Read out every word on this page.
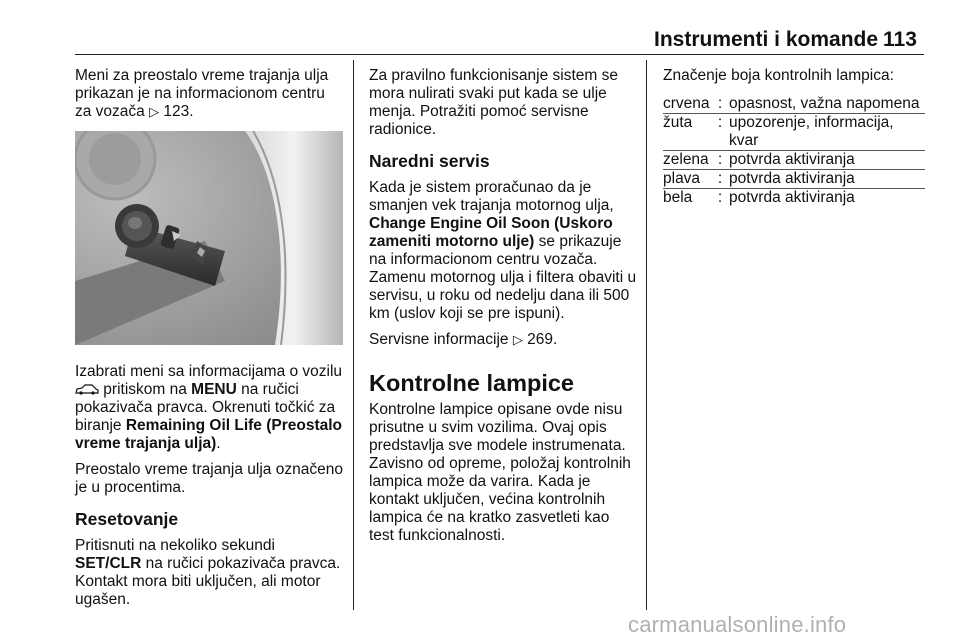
Instrumenti i komande 113

Meni za preostalo vreme trajanja ulja prikazan je na informacionom centru za vozača ▷ 123.

Izabrati meni sa informacijama o vozilu  pritiskom na MENU na ručici pokazivača pravca. Okrenuti točkić za biranje Remaining Oil Life (Preostalo vreme trajanja ulja).

Preostalo vreme trajanja ulja označeno je u procentima.

Resetovanje

Pritisnuti na nekoliko sekundi SET/CLR na ručici pokazivača pravca. Kontakt mora biti uključen, ali motor ugašen.

Za pravilno funkcionisanje sistem se mora nulirati svaki put kada se ulje menja. Potražiti pomoć servisne radionice.

Naredni servis

Kada je sistem proračunao da je smanjen vek trajanja motornog ulja, Change Engine Oil Soon (Uskoro zameniti motorno ulje) se prikazuje na informacionom centru vozača. Zamenu motornog ulja i filtera obaviti u servisu, u roku od nedelju dana ili 500 km (uslov koji se pre ispuni).

Servisne informacije ▷ 269.

Kontrolne lampice

Kontrolne lampice opisane ovde nisu prisutne u svim vozilima. Ovaj opis predstavlja sve modele instrumenata. Zavisno od opreme, položaj kontrolnih lampica može da varira. Kada je kontakt uključen, većina kontrolnih lampica će na kratko zasvetleti kao test funkcionalnosti.

Značenje boja kontrolnih lampica:

crvena	:	opasnost, važna napomena
žuta	:	upozorenje, informacija, kvar
zelena	:	potvrda aktiviranja
plava	:	potvrda aktiviranja
bela	:	potvrda aktiviranja
carmanualsonline.info
